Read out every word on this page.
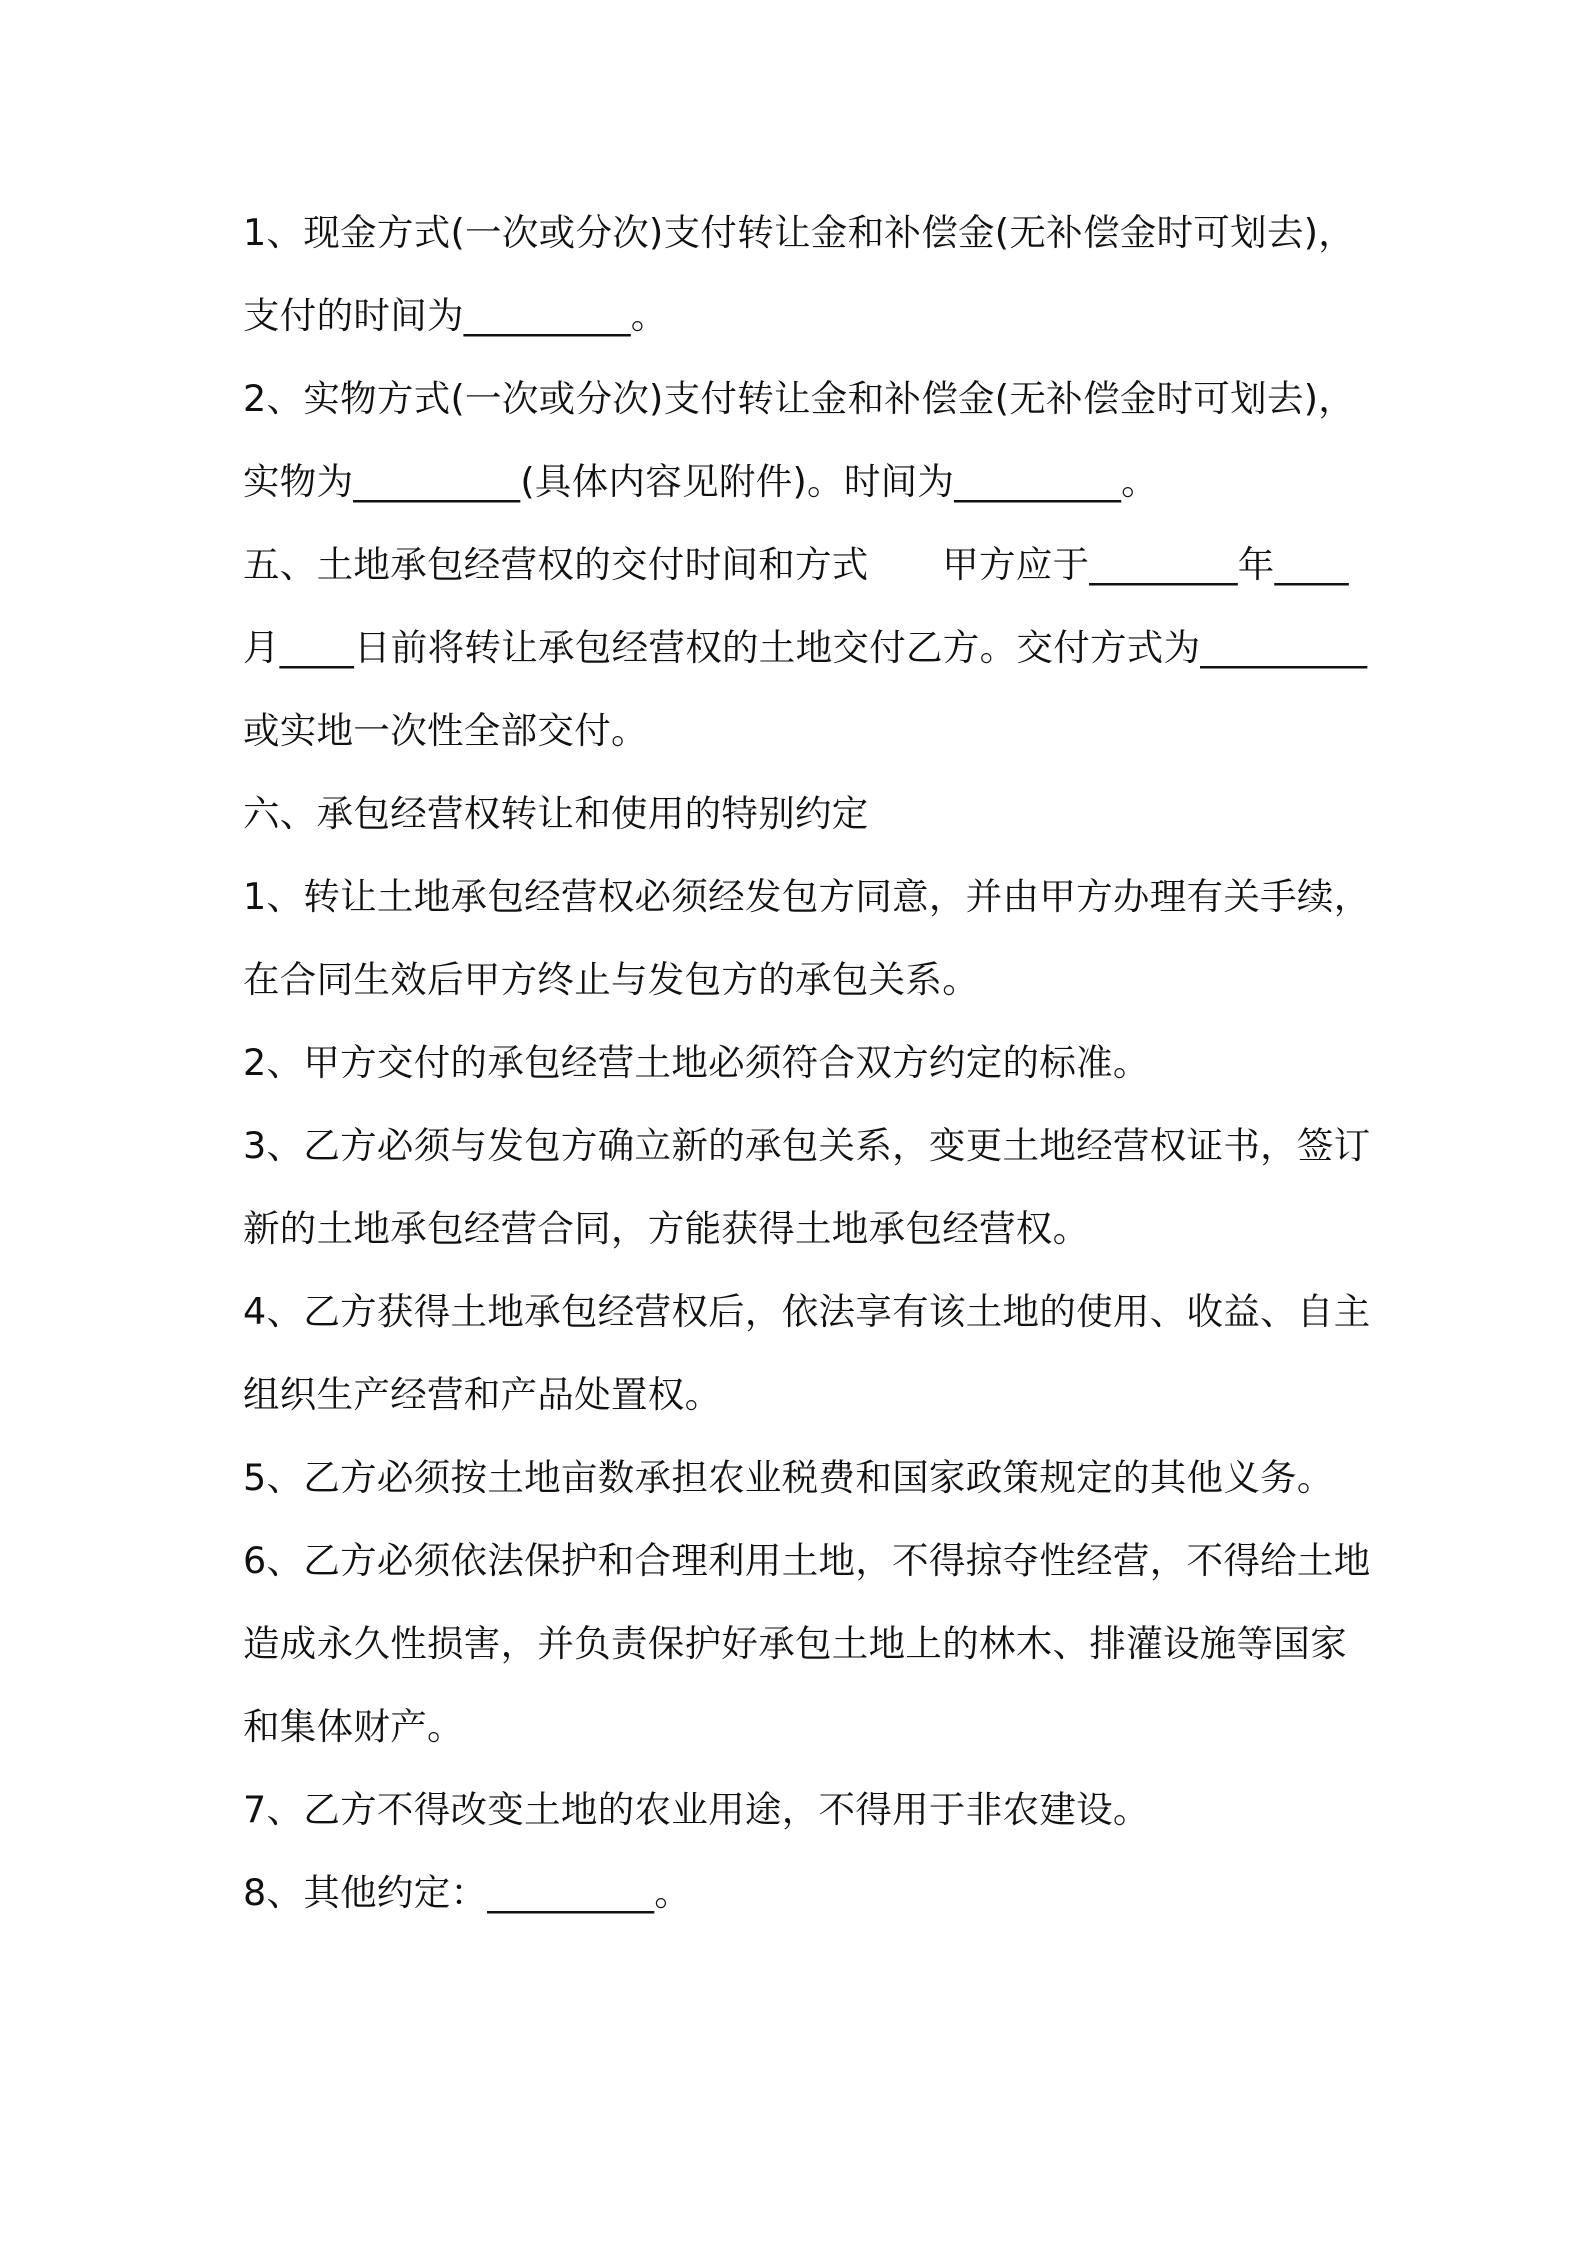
1、现金方式(一次或分次)支付转让金和补偿金(无补偿金时可划去)，支付的时间为_________。

2、实物方式(一次或分次)支付转让金和补偿金(无补偿金时可划去)，实物为_________(具体内容见附件)。时间为_________。

五、土地承包经营权的交付时间和方式　　甲方应于________年____月____日前将转让承包经营权的土地交付乙方。交付方式为_________或实地一次性全部交付。

六、承包经营权转让和使用的特别约定

1、转让土地承包经营权必须经发包方同意，并由甲方办理有关手续，在合同生效后甲方终止与发包方的承包关系。

2、甲方交付的承包经营土地必须符合双方约定的标准。

3、乙方必须与发包方确立新的承包关系，变更土地经营权证书，签订新的土地承包经营合同，方能获得土地承包经营权。

4、乙方获得土地承包经营权后，依法享有该土地的使用、收益、自主组织生产经营和产品处置权。

5、乙方必须按土地亩数承担农业税费和国家政策规定的其他义务。

6、乙方必须依法保护和合理利用土地，不得掠夺性经营，不得给土地造成永久性损害，并负责保护好承包土地上的林木、排灌设施等国家和集体财产。

7、乙方不得改变土地的农业用途，不得用于非农建设。

8、其他约定：_________。
